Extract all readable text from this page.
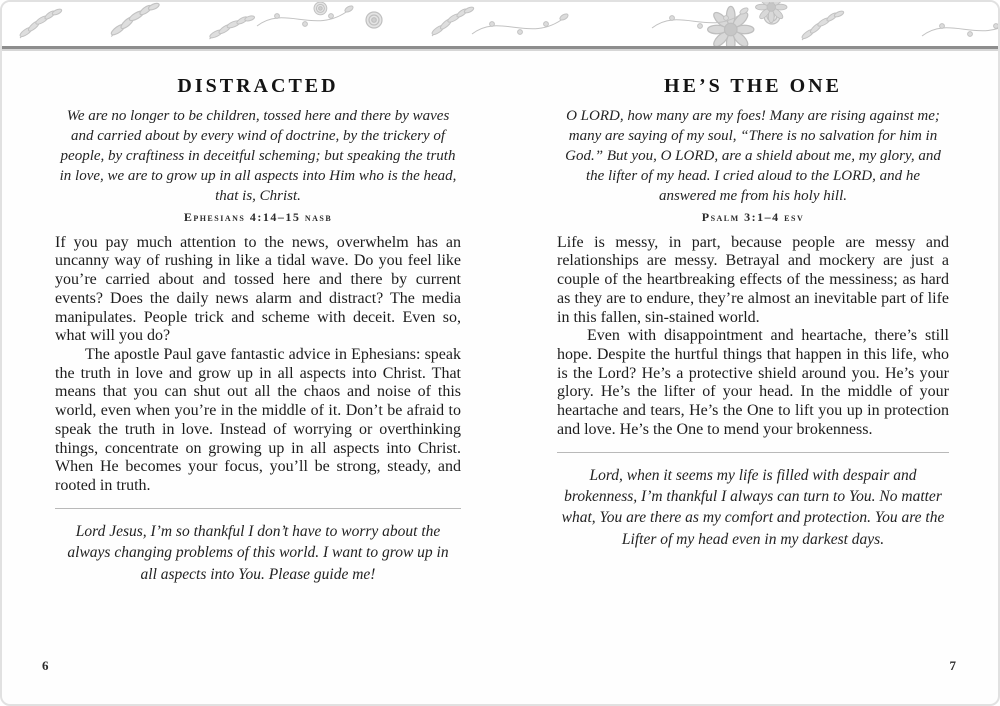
DISTRACTED

We are no longer to be children, tossed here and there by waves and carried about by every wind of doctrine, by the trickery of people, by craftiness in deceitful scheming; but speaking the truth in love, we are to grow up in all aspects into Him who is the head, that is, Christ.

Ephesians 4:14–15 nasb

If you pay much attention to the news, overwhelm has an uncanny way of rushing in like a tidal wave. Do you feel like you’re carried about and tossed here and there by current events? Does the daily news alarm and distract? The media manipulates. People trick and scheme with deceit. Even so, what will you do?

The apostle Paul gave fantastic advice in Ephesians: speak the truth in love and grow up in all aspects into Christ. That means that you can shut out all the chaos and noise of this world, even when you’re in the middle of it. Don’t be afraid to speak the truth in love. Instead of worrying or overthinking things, concentrate on growing up in all aspects into Christ. When He becomes your focus, you’ll be strong, steady, and rooted in truth.

Lord Jesus, I’m so thankful I don’t have to worry about the always changing problems of this world. I want to grow up in all aspects into You. Please guide me!

HE’S THE ONE

O LORD, how many are my foes! Many are rising against me; many are saying of my soul, “There is no salvation for him in God.” But you, O LORD, are a shield about me, my glory, and the lifter of my head. I cried aloud to the LORD, and he answered me from his holy hill.

Psalm 3:1–4 esv

Life is messy, in part, because people are messy and relationships are messy. Betrayal and mockery are just a couple of the heartbreaking effects of the messiness; as hard as they are to endure, they’re almost an inevitable part of life in this fallen, sin-stained world.

Even with disappointment and heartache, there’s still hope. Despite the hurtful things that happen in this life, who is the Lord? He’s a protective shield around you. He’s your glory. He’s the lifter of your head. In the middle of your heartache and tears, He’s the One to lift you up in protection and love. He’s the One to mend your brokenness.

Lord, when it seems my life is filled with despair and brokenness, I’m thankful I always can turn to You. No matter what, You are there as my comfort and protection. You are the Lifter of my head even in my darkest days.

6	7
